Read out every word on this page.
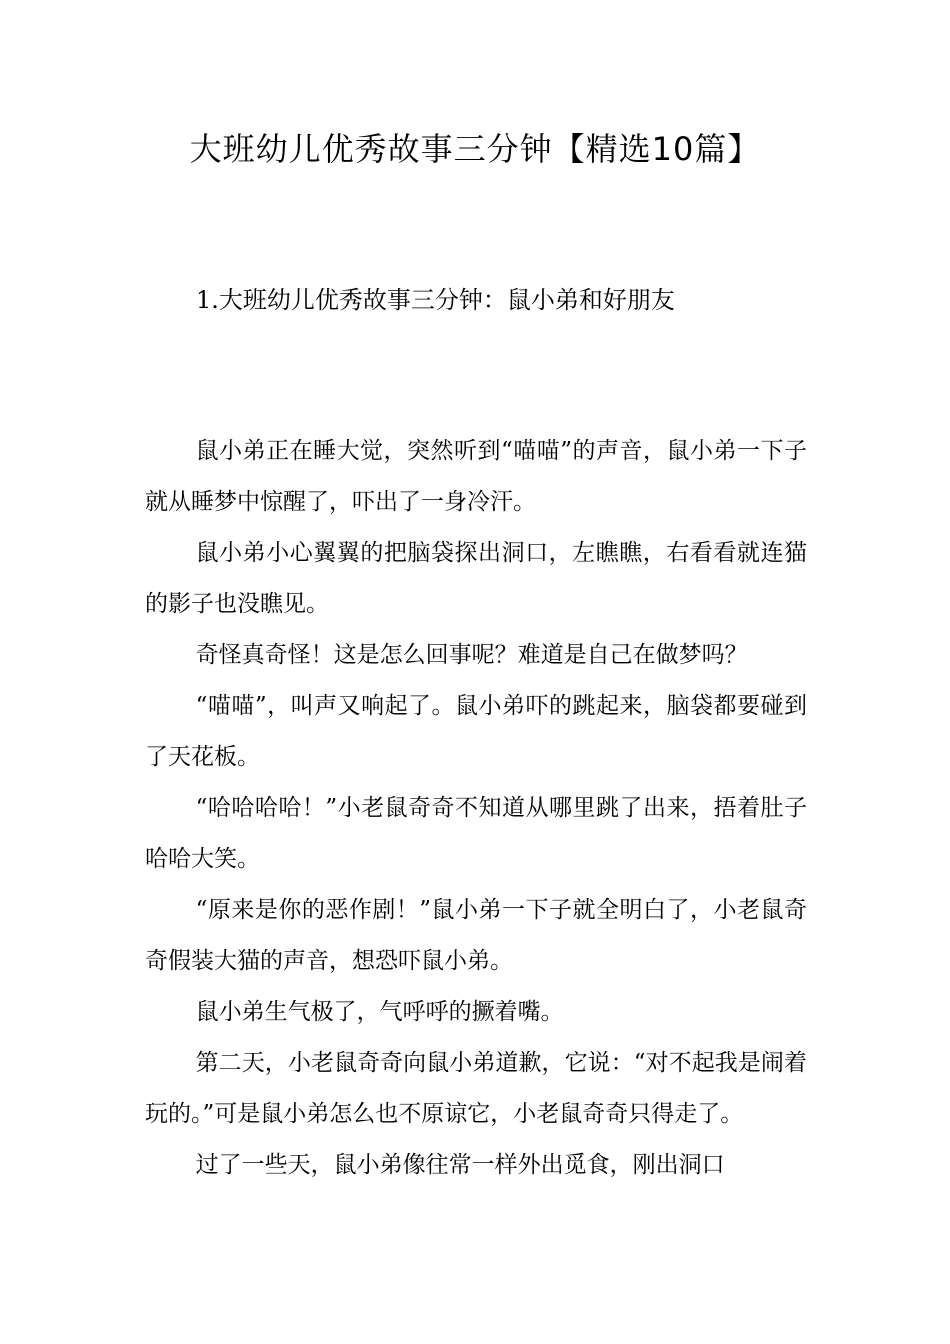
大班幼儿优秀故事三分钟【精选10篇】
1.大班幼儿优秀故事三分钟：鼠小弟和好朋友

鼠小弟正在睡大觉，突然听到“喵喵”的声音，鼠小弟一下子就从睡梦中惊醒了，吓出了一身冷汗。

鼠小弟小心翼翼的把脑袋探出洞口，左瞧瞧，右看看就连猫的影子也没瞧见。

奇怪真奇怪！这是怎么回事呢？难道是自己在做梦吗？

“喵喵”，叫声又响起了。鼠小弟吓的跳起来，脑袋都要碰到了天花板。

“哈哈哈哈！”小老鼠奇奇不知道从哪里跳了出来，捂着肚子哈哈大笑。

“原来是你的恶作剧！”鼠小弟一下子就全明白了，小老鼠奇奇假装大猫的声音，想恐吓鼠小弟。

鼠小弟生气极了，气呼呼的撅着嘴。

第二天，小老鼠奇奇向鼠小弟道歉，它说：“对不起我是闹着玩的。”可是鼠小弟怎么也不原谅它，小老鼠奇奇只得走了。

过了一些天，鼠小弟像往常一样外出觅食，刚出洞口
